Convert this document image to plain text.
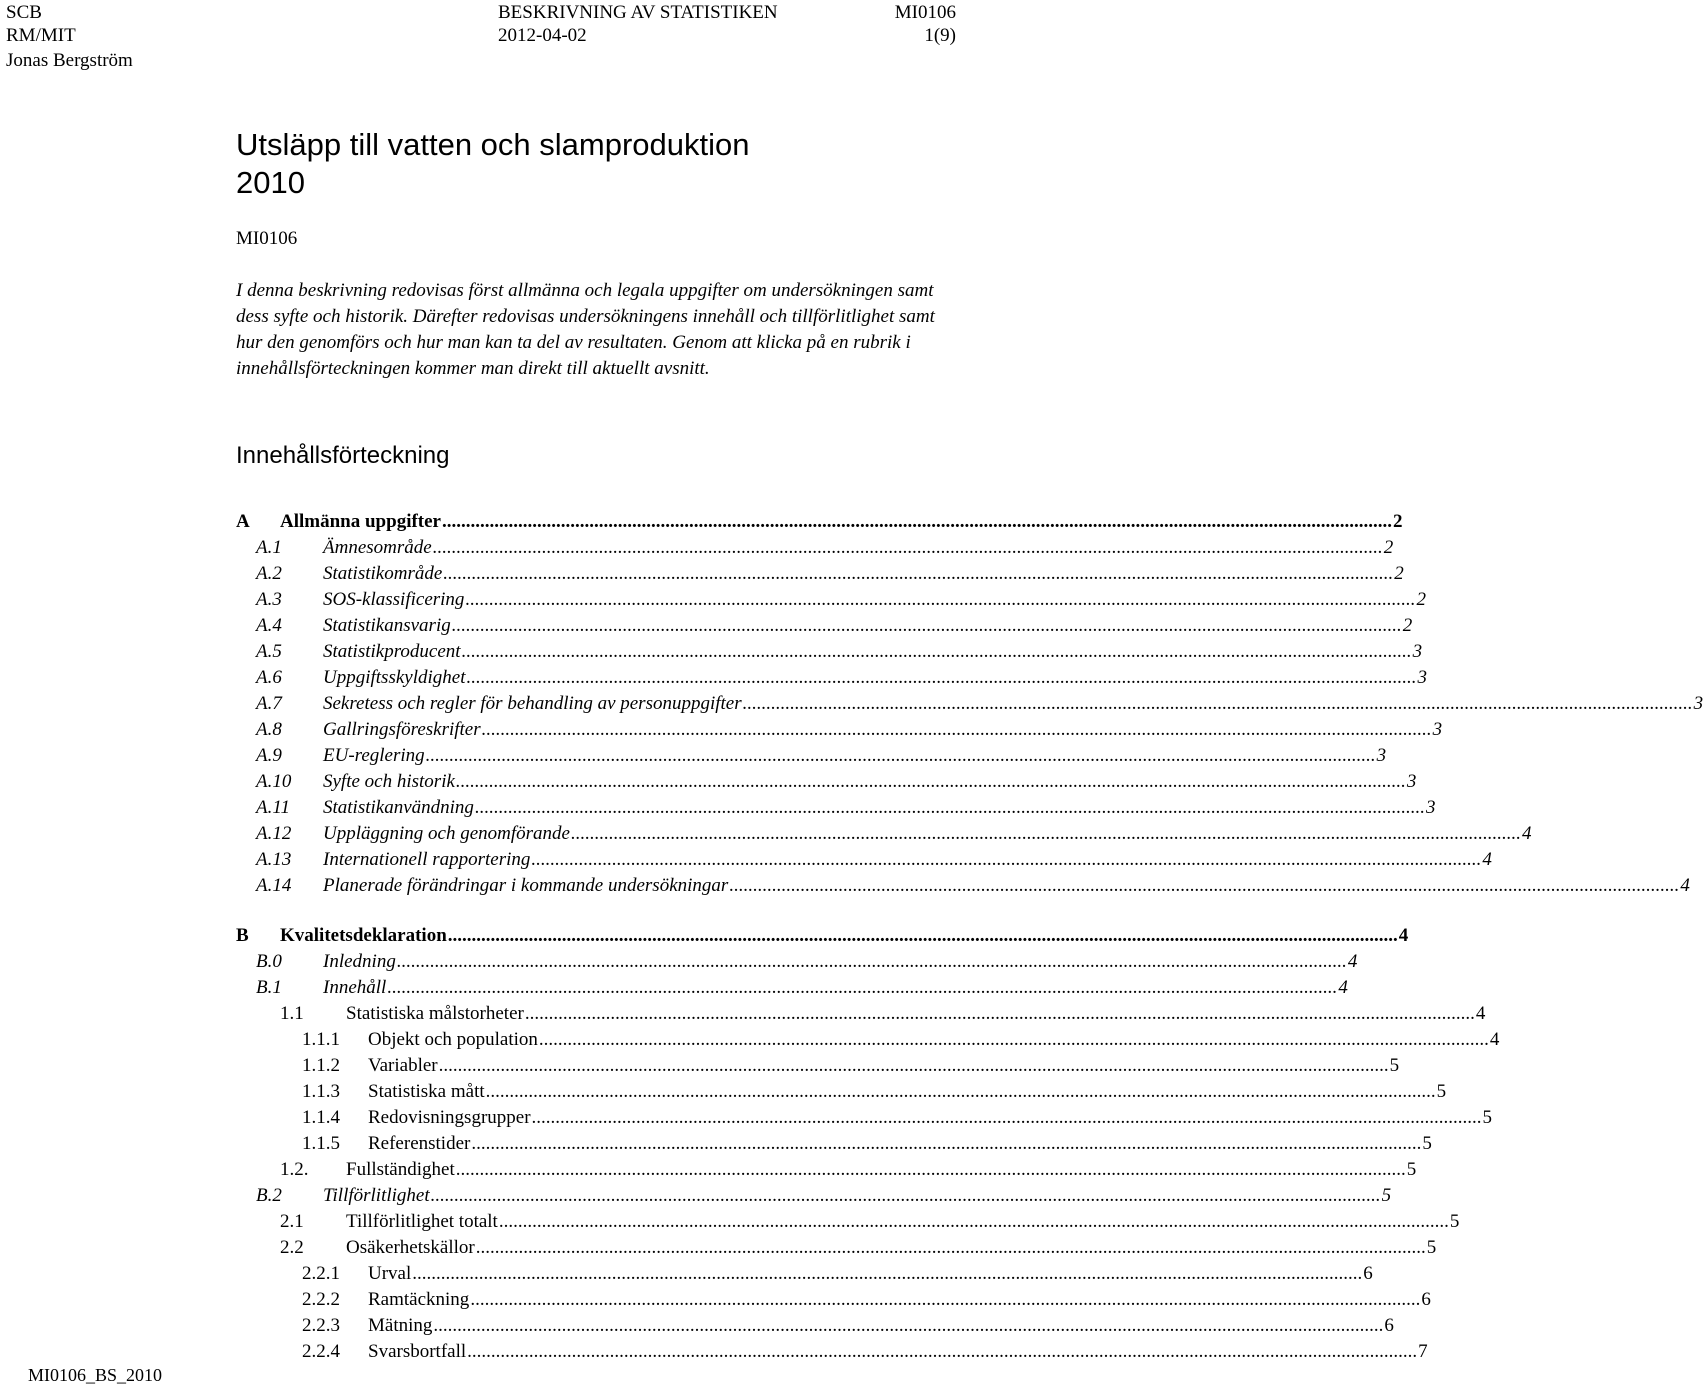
SCB
RM/MIT
Jonas Bergström
BESKRIVNING AV STATISTIKEN
2012-04-02
MI0106
1(9)
Utsläpp till vatten och slamproduktion
2010
MI0106

I denna beskrivning redovisas först allmänna och legala uppgifter om undersökningen samt dess syfte och historik. Därefter redovisas undersökningens innehåll och tillförlitlighet samt hur den genomförs och hur man kan ta del av resultaten. Genom att klicka på en rubrik i innehållsförteckningen kommer man direkt till aktuellt avsnitt.

Innehållsförteckning
A Allmänna uppgifter ........................................................................................................................................................................................................ 2
A.1 Ämnesområde ........................................................................................................................................................................................................ 2
A.2 Statistikområde ........................................................................................................................................................................................................ 2
A.3 SOS-klassificering ........................................................................................................................................................................................................ 2
A.4 Statistikansvarig ........................................................................................................................................................................................................ 2
A.5 Statistikproducent ........................................................................................................................................................................................................ 3
A.6 Uppgiftsskyldighet ........................................................................................................................................................................................................ 3
A.7 Sekretess och regler för behandling av personuppgifter ........................................................................................................................................................................................................ 3
A.8 Gallringsföreskrifter ........................................................................................................................................................................................................ 3
A.9 EU-reglering ........................................................................................................................................................................................................ 3
A.10 Syfte och historik ........................................................................................................................................................................................................ 3
A.11 Statistikanvändning ........................................................................................................................................................................................................ 3
A.12 Uppläggning och genomförande ........................................................................................................................................................................................................ 4
A.13 Internationell rapportering ........................................................................................................................................................................................................ 4
A.14 Planerade förändringar i kommande undersökningar ........................................................................................................................................................................................................ 4
B Kvalitetsdeklaration ........................................................................................................................................................................................................ 4
B.0 Inledning ........................................................................................................................................................................................................ 4
B.1 Innehåll ........................................................................................................................................................................................................ 4
1.1 Statistiska målstorheter ........................................................................................................................................................................................................ 4
1.1.1 Objekt och population ........................................................................................................................................................................................................ 4
1.1.2 Variabler ........................................................................................................................................................................................................ 5
1.1.3 Statistiska mått ........................................................................................................................................................................................................ 5
1.1.4 Redovisningsgrupper ........................................................................................................................................................................................................ 5
1.1.5 Referenstider ........................................................................................................................................................................................................ 5
1.2. Fullständighet ........................................................................................................................................................................................................ 5
B.2 Tillförlitlighet ........................................................................................................................................................................................................ 5
2.1 Tillförlitlighet totalt ........................................................................................................................................................................................................ 5
2.2 Osäkerhetskällor ........................................................................................................................................................................................................ 5
2.2.1 Urval ........................................................................................................................................................................................................ 6
2.2.2 Ramtäckning ........................................................................................................................................................................................................ 6
2.2.3 Mätning ........................................................................................................................................................................................................ 6
2.2.4 Svarsbortfall ........................................................................................................................................................................................................ 7
MI0106_BS_2010
